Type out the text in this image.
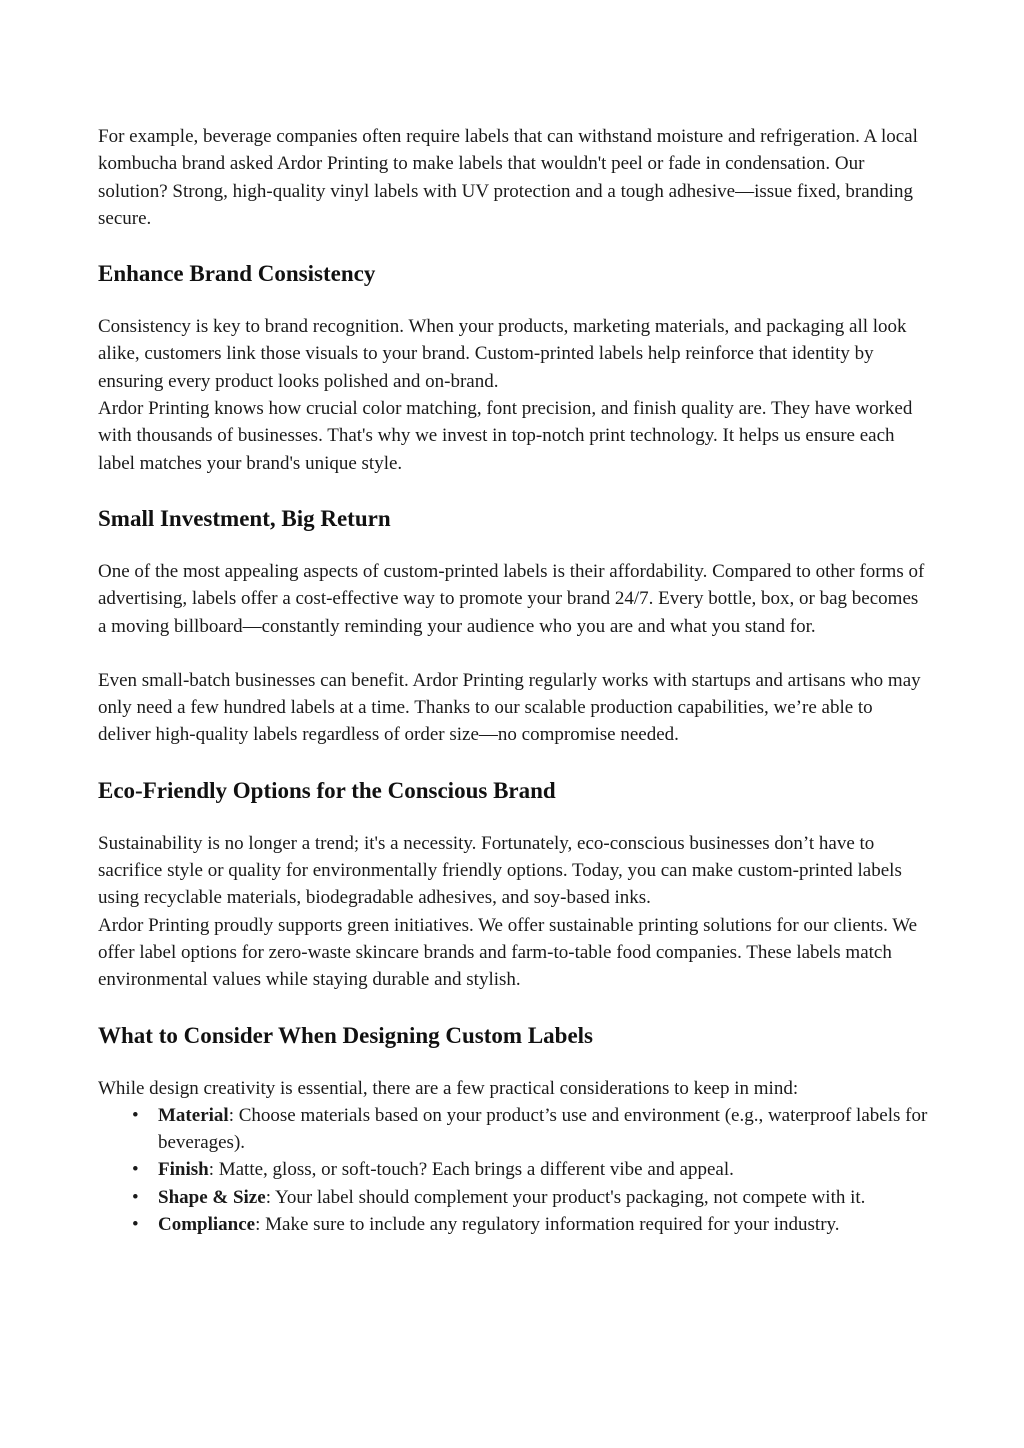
For example, beverage companies often require labels that can withstand moisture and refrigeration. A local kombucha brand asked Ardor Printing to make labels that wouldn't peel or fade in condensation. Our solution? Strong, high-quality vinyl labels with UV protection and a tough adhesive—issue fixed, branding secure.

Enhance Brand Consistency

Consistency is key to brand recognition. When your products, marketing materials, and packaging all look alike, customers link those visuals to your brand. Custom-printed labels help reinforce that identity by ensuring every product looks polished and on-brand.

Ardor Printing knows how crucial color matching, font precision, and finish quality are. They have worked with thousands of businesses. That's why we invest in top-notch print technology. It helps us ensure each label matches your brand's unique style.

Small Investment, Big Return

One of the most appealing aspects of custom-printed labels is their affordability. Compared to other forms of advertising, labels offer a cost-effective way to promote your brand 24/7. Every bottle, box, or bag becomes a moving billboard—constantly reminding your audience who you are and what you stand for.

Even small-batch businesses can benefit. Ardor Printing regularly works with startups and artisans who may only need a few hundred labels at a time. Thanks to our scalable production capabilities, we’re able to deliver high-quality labels regardless of order size—no compromise needed.

Eco-Friendly Options for the Conscious Brand

Sustainability is no longer a trend; it's a necessity. Fortunately, eco-conscious businesses don’t have to sacrifice style or quality for environmentally friendly options. Today, you can make custom-printed labels using recyclable materials, biodegradable adhesives, and soy-based inks.

Ardor Printing proudly supports green initiatives. We offer sustainable printing solutions for our clients. We offer label options for zero-waste skincare brands and farm-to-table food companies. These labels match environmental values while staying durable and stylish.

What to Consider When Designing Custom Labels

While design creativity is essential, there are a few practical considerations to keep in mind:

• Material: Choose materials based on your product’s use and environment (e.g., waterproof labels for beverages).
• Finish: Matte, gloss, or soft-touch? Each brings a different vibe and appeal.
• Shape & Size: Your label should complement your product's packaging, not compete with it.
• Compliance: Make sure to include any regulatory information required for your industry.
